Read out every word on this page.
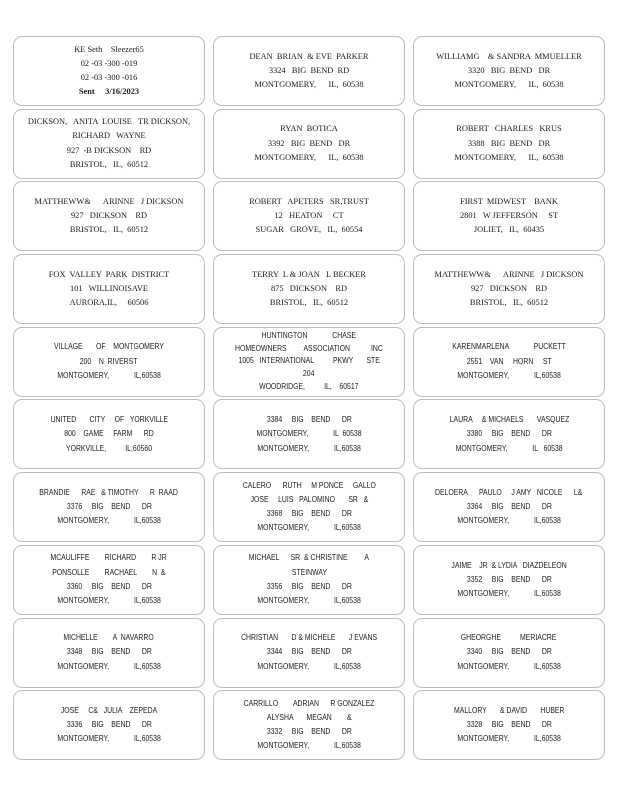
KE Seth    Sleezer65
02 -03 -300 -019
02 -03 -300 -016
Sent     3/16/2023
DEAN  BRIAN  & EVE  PARKER
3324   BIG  BEND  RD
MONTGOMERY,      IL,  60538
WILLIAMG    & SANDRA  MMUELLER
3320   BIG  BEND   DR
MONTGOMERY,      IL,  60538
DICKSON,   ANITA  LOUISE   TR DICKSON,
RICHARD   WAYNE
927  -B DICKSON    RD
BRISTOL,   IL,  60512
RYAN  BOTICA
3392   BIG  BEND   DR
MONTGOMERY,      IL,  60538
ROBERT   CHARLES   KRUS
3388   BIG  BEND   DR
MONTGOMERY,      IL,  60538
MATTHEWW&      ARINNE   J DICKSON
927   DICKSON    RD
BRISTOL,   IL,  60512
ROBERT   APETERS   SR,TRUST
12   HEATON     CT
SUGAR   GROVE,   IL,  60554
FIRST  MIDWEST    BANK
2801   W JEFFERSON     ST
JOLIET,   IL,  60435
FOX  VALLEY  PARK  DISTRICT
101   WILLINOISAVE
AURORA,IL,     60506
TERRY  L & JOAN   L BECKER
875   DICKSON    RD
BRISTOL,   IL,  60512
MATTHEWW&      ARINNE   J DICKSON
927   DICKSON    RD
BRISTOL,   IL,  60512
VILLAGE       OF    MONTGOMERY
200    N  RIVERST
MONTGOMERY,             IL,60538
HUNTINGTON             CHASE
HOMEOWNERS         ASSOCIATION           INC
1005   INTERNATIONAL          PKWY       STE
204
WOODRIDGE,          IL,    60517
KARENMARLENA             PUCKETT
2551    VAN     HORN     ST
MONTGOMERY,             IL,60538
UNITED       CITY     OF   YORKVILLE
800    GAME     FARM      RD
YORKVILLE,          IL,60560
3384     BIG    BEND      DR
MONTGOMERY,             IL  60538
MONTGOMERY,             IL,60538
LAURA     & MICHAELS       VASQUEZ
3380     BIG    BEND      DR
MONTGOMERY,             IL   60538
BRANDIE      RAE   & TIMOTHY      R  RAAD
3376     BIG    BEND      DR
MONTGOMERY,             IL,60538
CALERO      RUTH     M PONCE     GALLO
JOSE     LUIS   PALOMINO       SR   &
3368     BIG    BEND      DR
MONTGOMERY,             IL,60538
DELOERA      PAULO     J AMY   NICOLE      L&
3364     BIG    BEND      DR
MONTGOMERY,             IL,60538
MCAULIFFE        RICHARD        R JR
PONSOLLE        RACHAEL        N  &
3360     BIG    BEND      DR
MONTGOMERY,             IL,60538
MICHAEL      SR  & CHRISTINE         A
STEINWAY
3356     BIG    BEND      DR
MONTGOMERY,             IL,60538
JAIME    JR  & LYDIA   DIAZDELEON
3352     BIG    BEND      DR
MONTGOMERY,             IL,60538
MICHELLE        A  NAVARRO
3348     BIG    BEND      DR
MONTGOMERY,             IL,60538
CHRISTIAN       D & MICHELE       J EVANS
3344     BIG    BEND      DR
MONTGOMERY,             IL,60538
GHEORGHE          MERIACRE
3340     BIG    BEND      DR
MONTGOMERY,             IL,60538
JOSE     C&   JULIA    ZEPEDA
3336     BIG    BEND      DR
MONTGOMERY,             IL,60538
CARRILLO        ADRIAN      R GONZALEZ
ALYSHA       MEGAN        &
3332     BIG    BEND      DR
MONTGOMERY,             IL,60538
MALLORY       & DAVID       HUBER
3328     BIG    BEND      DR
MONTGOMERY,             IL,60538
